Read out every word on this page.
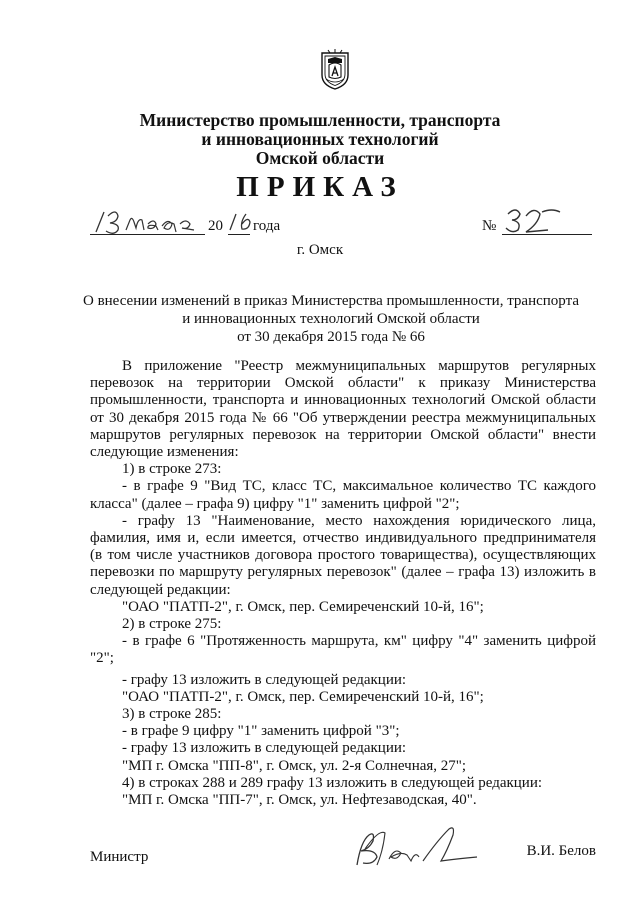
Министерство промышленности, транспорта
и инновационных технологий
Омской области
ПРИКАЗ
20 года	№
г. Омск
О внесении изменений в приказ Министерства промышленности, транспорта
и инновационных технологий Омской области
от 30 декабря 2015 года № 66

В приложение "Реестр межмуниципальных маршрутов регулярных

перевозок на территории Омской области" к приказу Министерства

промышленности, транспорта и инновационных технологий Омской области

от 30 декабря 2015 года № 66 "Об утверждении реестра межмуниципальных

маршрутов регулярных перевозок на территории Омской области" внести

следующие изменения:

1) в строке 273:

- в графе 9 "Вид ТС, класс ТС, максимальное количество ТС каждого

класса" (далее – графа 9) цифру "1" заменить цифрой "2";

- графу 13 "Наименование, место нахождения юридического лица,

фамилия, имя и, если имеется, отчество индивидуального предпринимателя

(в том числе участников договора простого товарищества), осуществляющих

перевозки по маршруту регулярных перевозок" (далее – графа 13) изложить в

следующей редакции:

"ОАО "ПАТП-2", г. Омск, пер. Семиреченский 10-й, 16";

2) в строке 275:

- в графе 6 "Протяженность маршрута, км" цифру "4" заменить цифрой

"2";

- графу 13 изложить в следующей редакции:

"ОАО "ПАТП-2", г. Омск, пер. Семиреченский 10-й, 16";

3) в строке 285:

- в графе 9 цифру "1" заменить цифрой "3";

- графу 13 изложить в следующей редакции:

"МП г. Омска "ПП-8", г. Омск, ул. 2-я Солнечная, 27";

4) в строках 288 и 289 графу 13 изложить в следующей редакции:

"МП г. Омска "ПП-7", г. Омск, ул. Нефтезаводская, 40".

Министр	В.И. Белов
